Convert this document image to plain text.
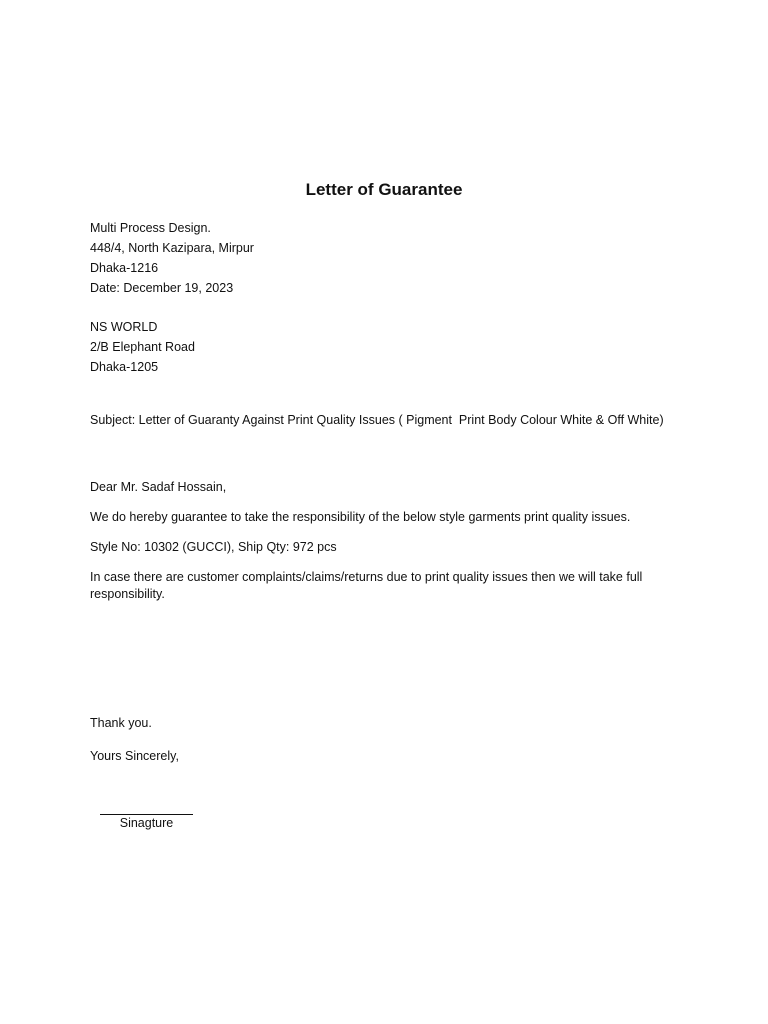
Letter of Guarantee
Multi Process Design.
448/4, North Kazipara, Mirpur
Dhaka-1216
Date: December 19, 2023
NS WORLD
2/B Elephant Road
Dhaka-1205
Subject: Letter of Guaranty Against Print Quality Issues ( Pigment  Print Body Colour White & Off White)
Dear Mr. Sadaf Hossain,
We do hereby guarantee to take the responsibility of the below style garments print quality issues.
Style No: 10302 (GUCCI), Ship Qty: 972 pcs
In case there are customer complaints/claims/returns due to print quality issues then we will take full responsibility.
Thank you.
Yours Sincerely,
Sinagture
